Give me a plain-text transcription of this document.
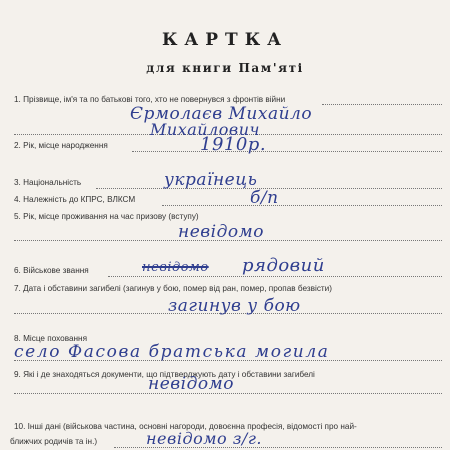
КАРТКА
для книги Пам'яті
1. Прізвище, ім'я та по батькові того, хто не повернувся з фронтів війни
Єрмолаєв Михайло
Михайлович
2. Рік, місце народження	1910р.
3. Національність	українець
4. Належність до КПРС, ВЛКСМ	б/п
5. Рік, місце проживання на час призову (вступу)
невідомо
6. Військове звання	невідомо рядовий
7. Дата і обставини загибелі (загинув у бою, помер від ран, помер, пропав безвісти)
загинув у бою
8. Місце поховання
село Фасова братська могила
9. Які і де знаходяться документи, що підтверджують дату і обставини загибелі
невідомо
10. Інші дані (військова частина, основні нагороди, довоєнна професія, відомості про най-
ближчих родичів та ін.)	невідомо з/г.
